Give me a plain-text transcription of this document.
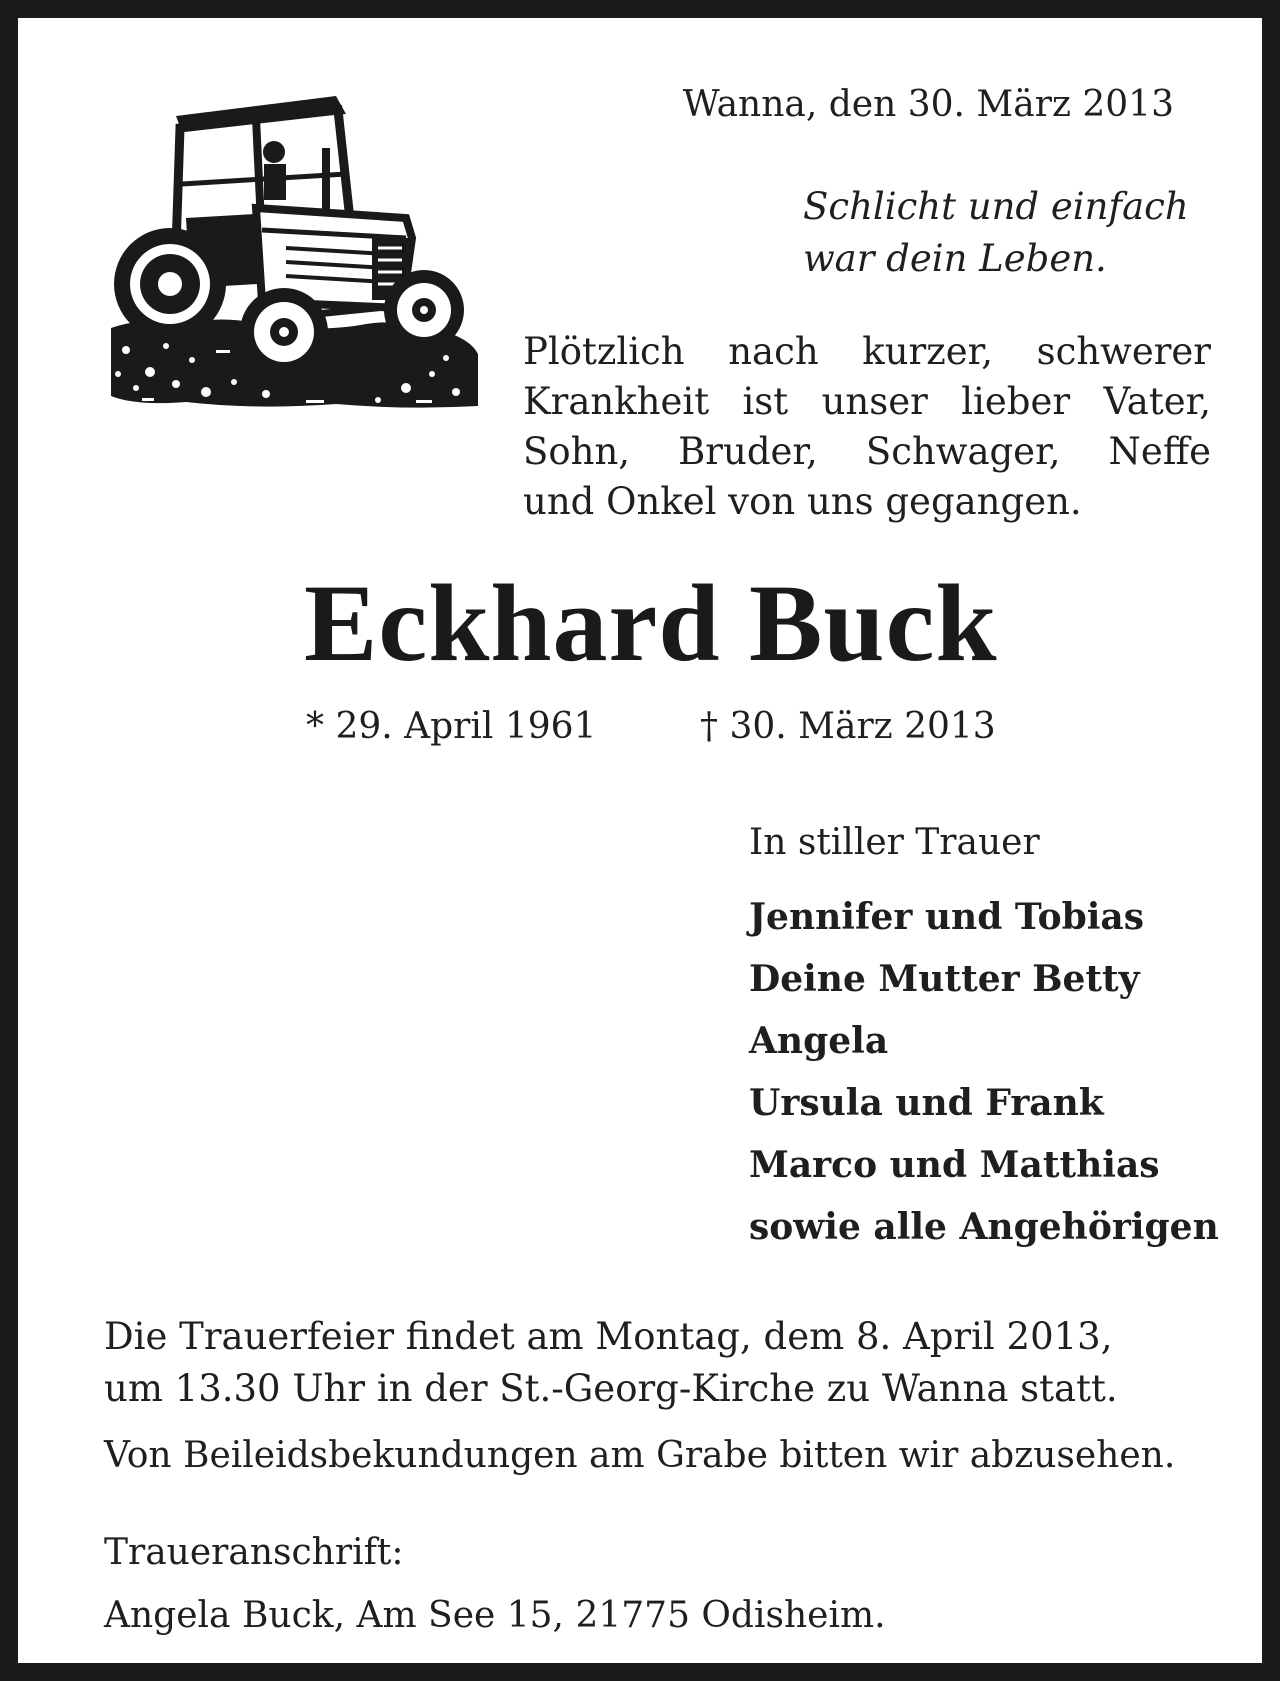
Wanna, den 30. März 2013
Schlicht und einfach
war dein Leben.

Plötzlich nach kurzer, schwerer

Krankheit ist unser lieber Vater,

Sohn, Bruder, Schwager, Neffe

und Onkel von uns gegangen.

Eckhard Buck
* 29. April 1961	† 30. März 2013
In stiller Trauer
Jennifer und Tobias
Deine Mutter Betty
Angela
Ursula und Frank
Marco und Matthias
sowie alle Angehörigen
Die Trauerfeier findet am Montag, dem 8. April 2013,
um 13.30 Uhr in der St.-Georg-Kirche zu Wanna statt.
Von Beileidsbekundungen am Grabe bitten wir abzusehen.
Traueranschrift:
Angela Buck, Am See 15, 21775 Odisheim.
